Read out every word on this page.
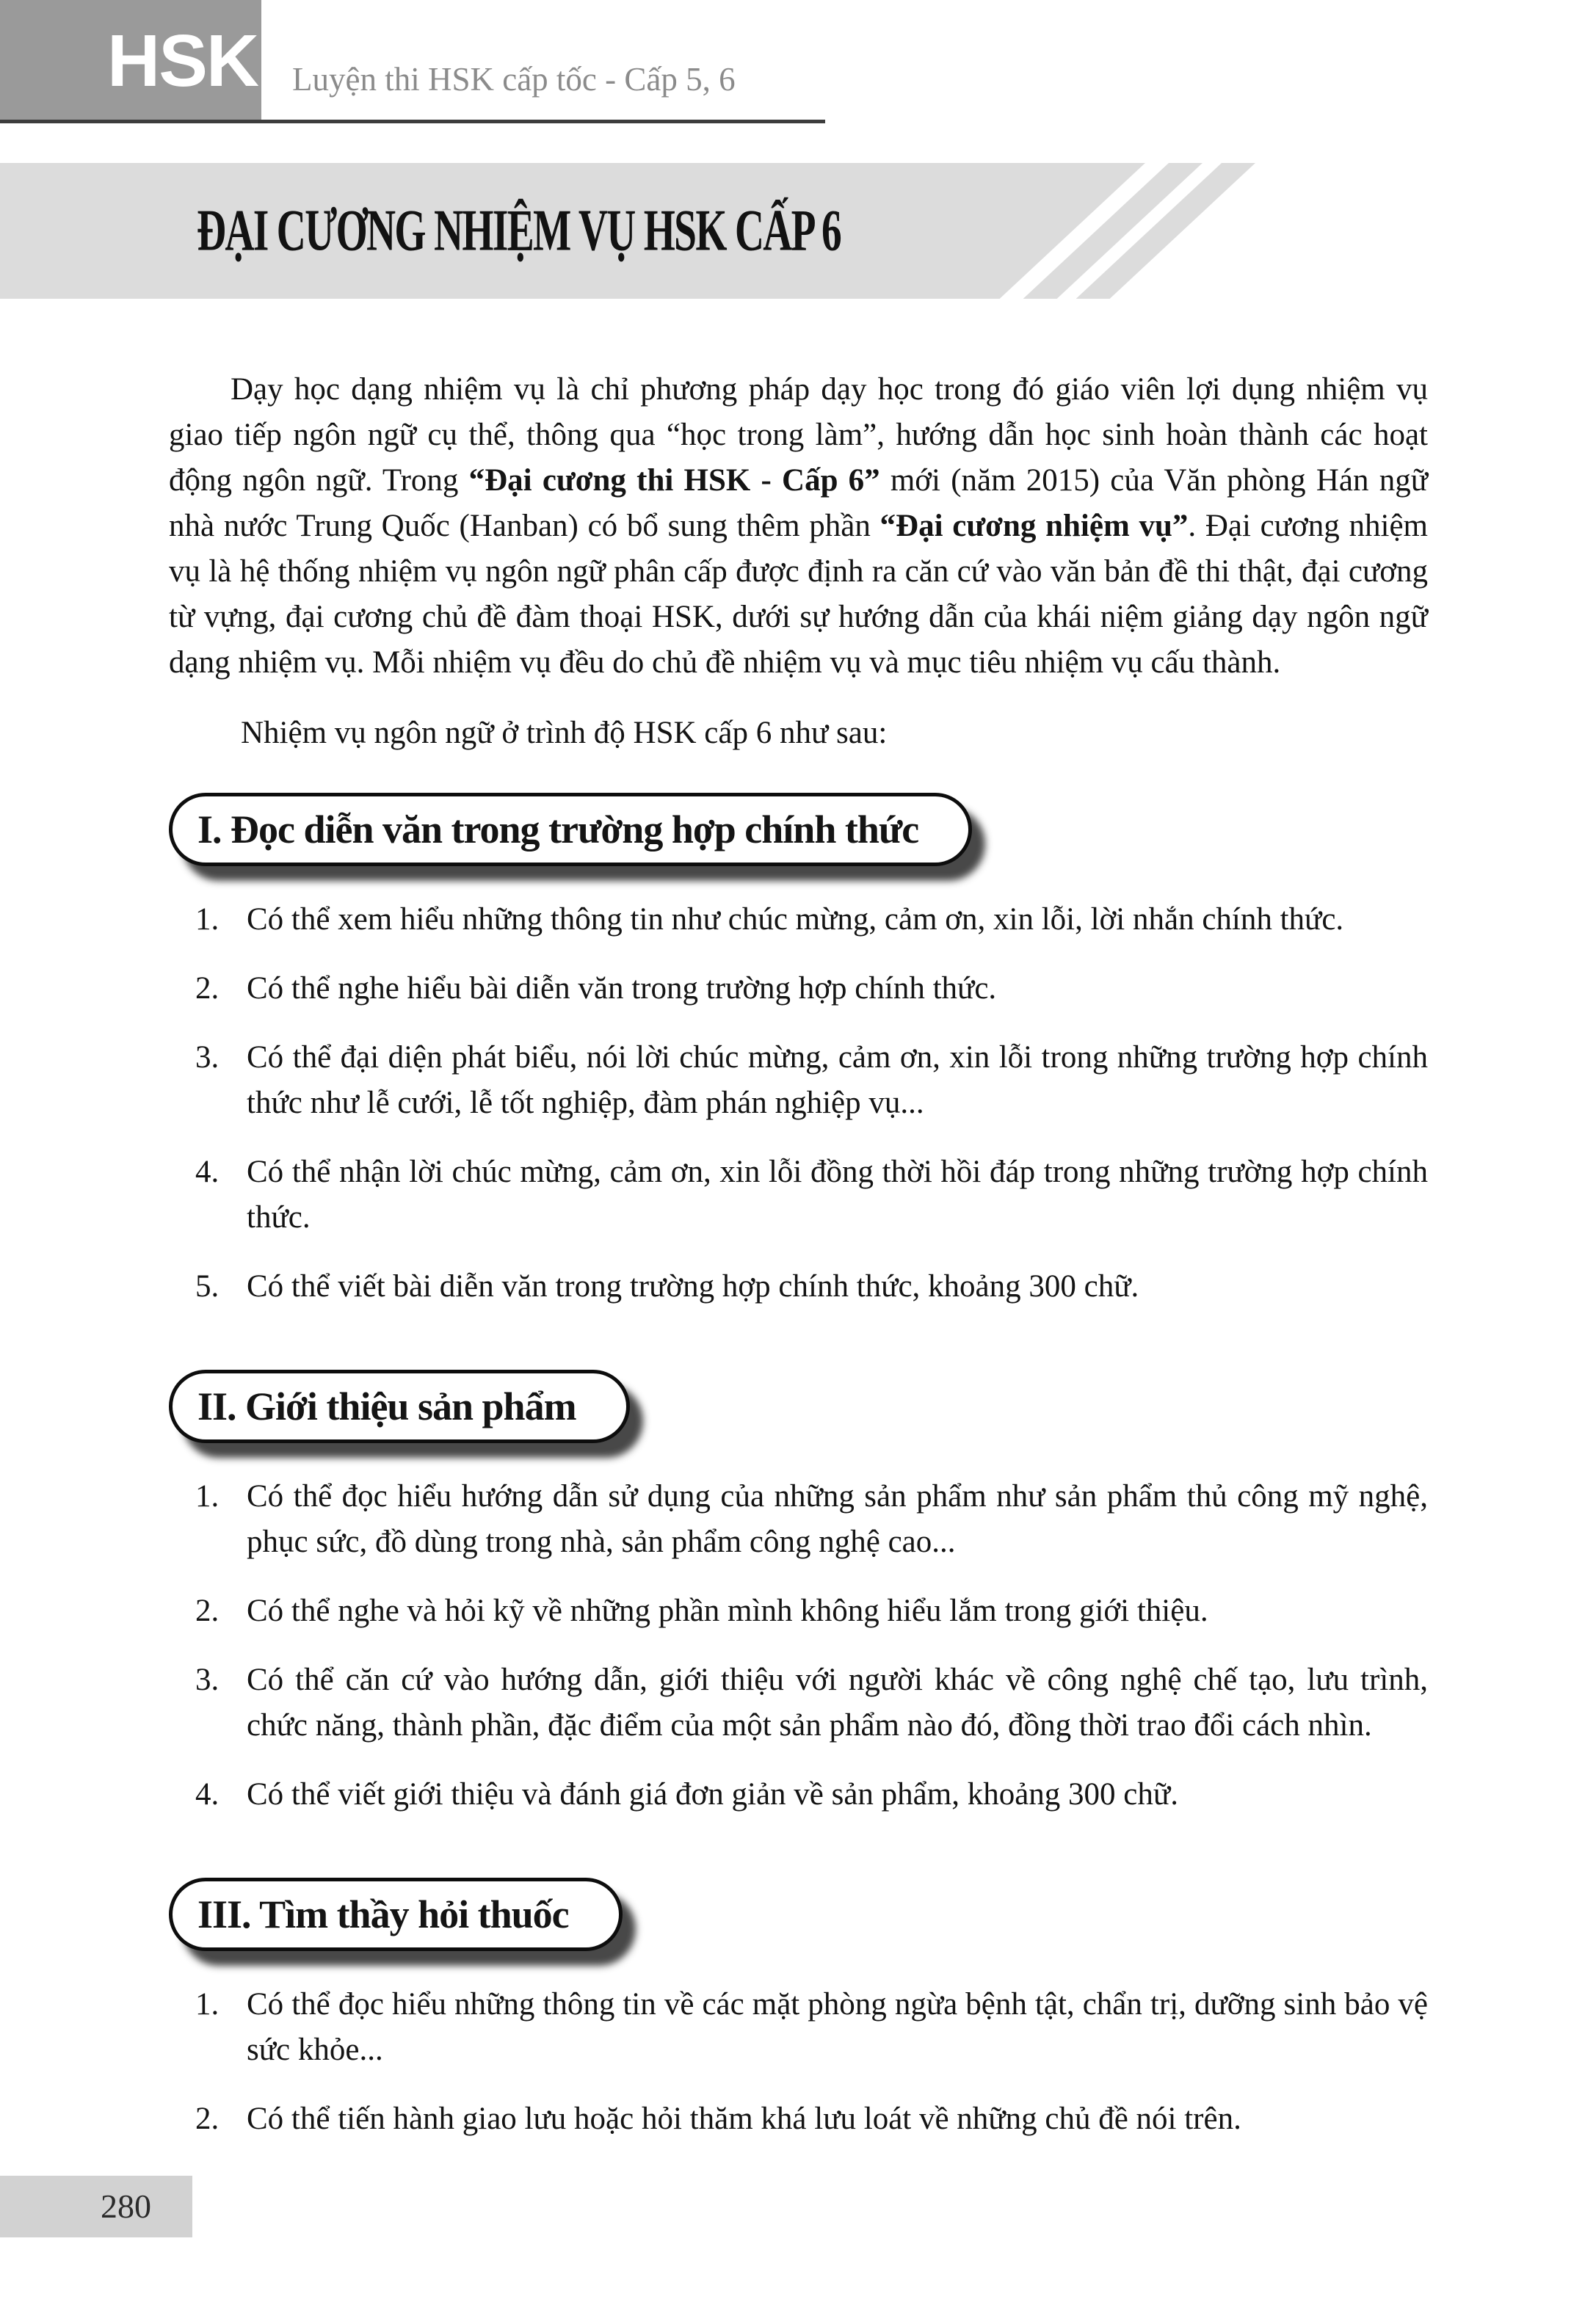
HSK Luyện thi HSK cấp tốc - Cấp 5, 6
ĐẠI CƯƠNG NHIỆM VỤ HSK CẤP 6

Dạy học dạng nhiệm vụ là chỉ phương pháp dạy học trong đó giáo viên lợi dụng nhiệm vụ giao tiếp ngôn ngữ cụ thể, thông qua “học trong làm”, hướng dẫn học sinh hoàn thành các hoạt động ngôn ngữ. Trong “Đại cương thi HSK - Cấp 6” mới (năm 2015) của Văn phòng Hán ngữ nhà nước Trung Quốc (Hanban) có bổ sung thêm phần “Đại cương nhiệm vụ”. Đại cương nhiệm vụ là hệ thống nhiệm vụ ngôn ngữ phân cấp được định ra căn cứ vào văn bản đề thi thật, đại cương từ vựng, đại cương chủ đề đàm thoại HSK, dưới sự hướng dẫn của khái niệm giảng dạy ngôn ngữ dạng nhiệm vụ. Mỗi nhiệm vụ đều do chủ đề nhiệm vụ và mục tiêu nhiệm vụ cấu thành.

Nhiệm vụ ngôn ngữ ở trình độ HSK cấp 6 như sau:

I. Đọc diễn văn trong trường hợp chính thức
1. Có thể xem hiểu những thông tin như chúc mừng, cảm ơn, xin lỗi, lời nhắn chính thức.
2. Có thể nghe hiểu bài diễn văn trong trường hợp chính thức.
3. Có thể đại diện phát biểu, nói lời chúc mừng, cảm ơn, xin lỗi trong những trường hợp chính thức như lễ cưới, lễ tốt nghiệp, đàm phán nghiệp vụ...
4. Có thể nhận lời chúc mừng, cảm ơn, xin lỗi đồng thời hồi đáp trong những trường hợp chính thức.
5. Có thể viết bài diễn văn trong trường hợp chính thức, khoảng 300 chữ.
II. Giới thiệu sản phẩm
1. Có thể đọc hiểu hướng dẫn sử dụng của những sản phẩm như sản phẩm thủ công mỹ nghệ, phục sức, đồ dùng trong nhà, sản phẩm công nghệ cao...
2. Có thể nghe và hỏi kỹ về những phần mình không hiểu lắm trong giới thiệu.
3. Có thể căn cứ vào hướng dẫn, giới thiệu với người khác về công nghệ chế tạo, lưu trình, chức năng, thành phần, đặc điểm của một sản phẩm nào đó, đồng thời trao đổi cách nhìn.
4. Có thể viết giới thiệu và đánh giá đơn giản về sản phẩm, khoảng 300 chữ.
III. Tìm thầy hỏi thuốc
1. Có thể đọc hiểu những thông tin về các mặt phòng ngừa bệnh tật, chẩn trị, dưỡng sinh bảo vệ sức khỏe...
2. Có thể tiến hành giao lưu hoặc hỏi thăm khá lưu loát về những chủ đề nói trên.
280
